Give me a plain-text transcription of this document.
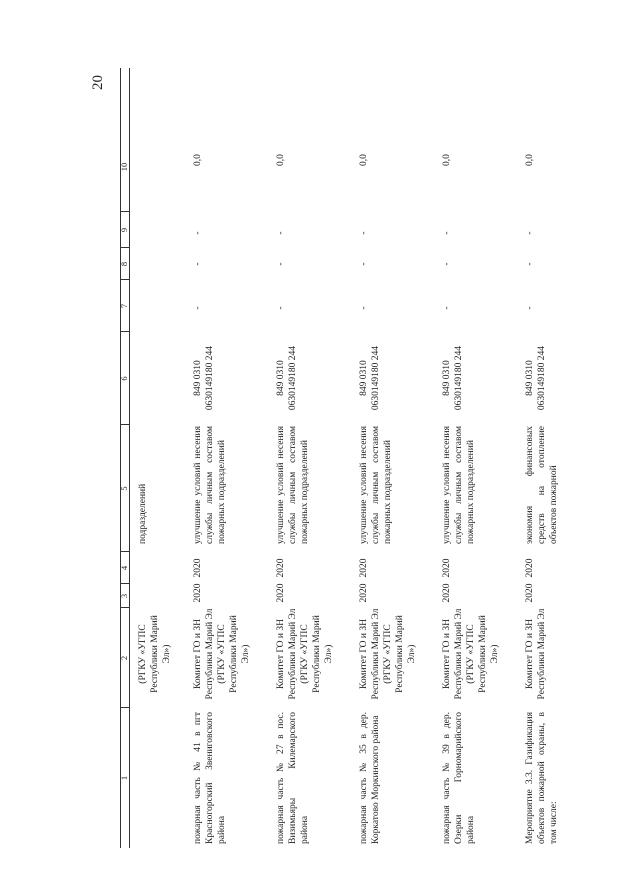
20
1
2
3
4
5
6
7
8
9
10
(РГКУ «УГПС Республики Марий Эл»)
подразделений
пожарная часть № 41 в пгт Красногорский Звениговского района
Комитет ГО и ЗН Республики Марий Эл (РГКУ «УГПС Республики Марий Эл»)
2020
2020
улучшение условий несения службы личным составом пожарных подразделений
849 0310 0630149180 244
-
-
-
0,0
пожарная часть № 27 в пос. Визимьяры Килемарского района
Комитет ГО и ЗН Республики Марий Эл (РГКУ «УГПС Республики Марий Эл»)
2020
2020
улучшение условий несения службы личным составом пожарных подразделений
849 0310 0630149180 244
-
-
-
0,0
пожарная часть № 35 в дер. Коркатово Моркинского района
Комитет ГО и ЗН Республики Марий Эл (РГКУ «УГПС Республики Марий Эл»)
2020
2020
улучшение условий несения службы личным составом пожарных подразделений
849 0310 0630149180 244
-
-
-
0,0
пожарная часть № 39 в дер. Озерки Горномарийского района
Комитет ГО и ЗН Республики Марий Эл (РГКУ «УГПС Республики Марий Эл»)
2020
2020
улучшение условий несения службы личным составом пожарных подразделений
849 0310 0630149180 244
-
-
-
0,0
Мероприятие 3.3. Газификация объектов пожарной охраны, в том числе:
Комитет ГО и ЗН Республики Марий Эл
2020
2020
экономия финансовых средств на отопление объектов пожарной
849 0310 0630149180 244
-
-
-
0,0
